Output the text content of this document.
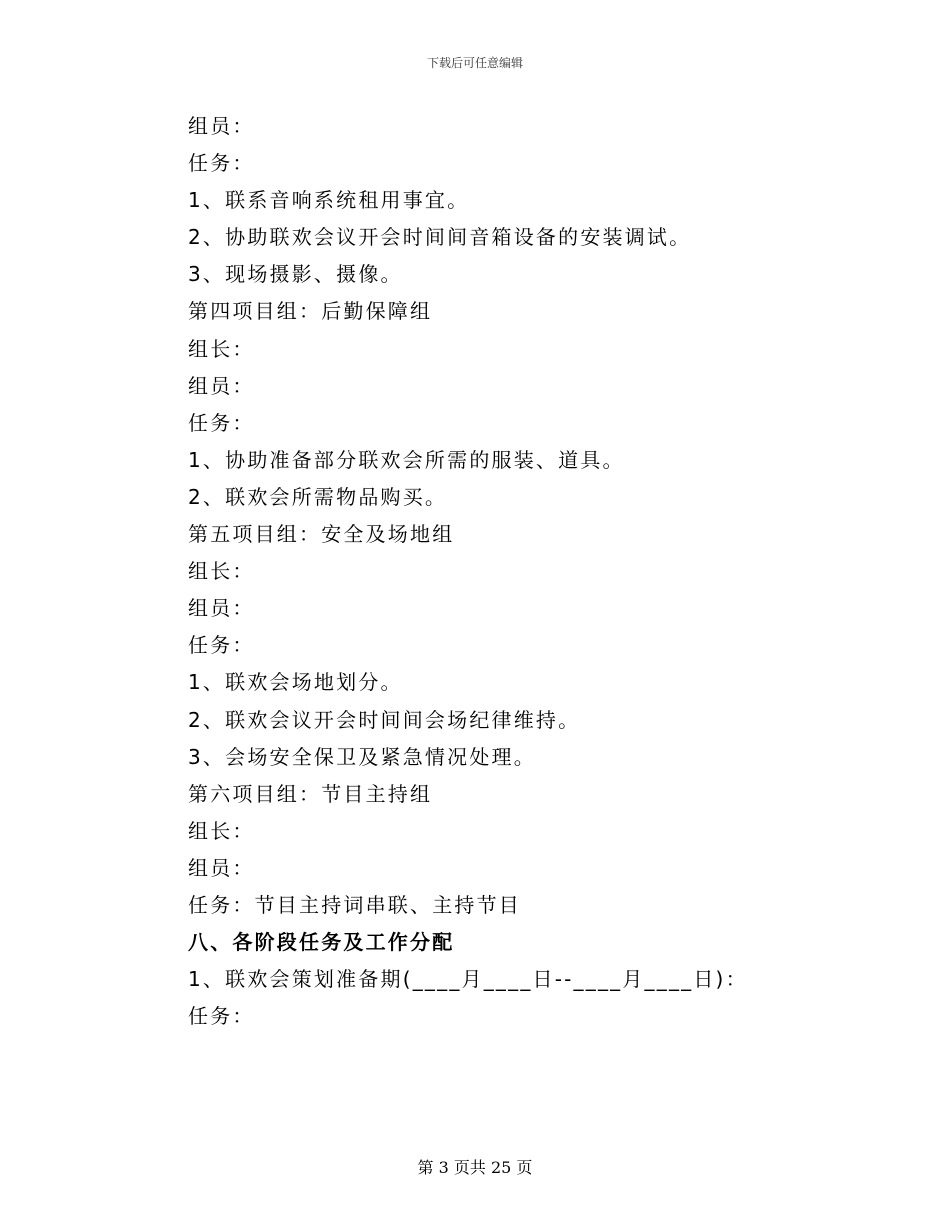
下载后可任意编辑
组员：
任务：
1、联系音响系统租用事宜。
2、协助联欢会议开会时间间音箱设备的安装调试。
3、现场摄影、摄像。
第四项目组：后勤保障组
组长：
组员：
任务：
1、协助准备部分联欢会所需的服装、道具。
2、联欢会所需物品购买。
第五项目组：安全及场地组
组长：
组员：
任务：
1、联欢会场地划分。
2、联欢会议开会时间间会场纪律维持。
3、会场安全保卫及紧急情况处理。
第六项目组：节目主持组
组长：
组员：
任务：节目主持词串联、主持节目
八、各阶段任务及工作分配
1、联欢会策划准备期(____月____日--____月____日)：
任务：
第 3 页共 25 页
